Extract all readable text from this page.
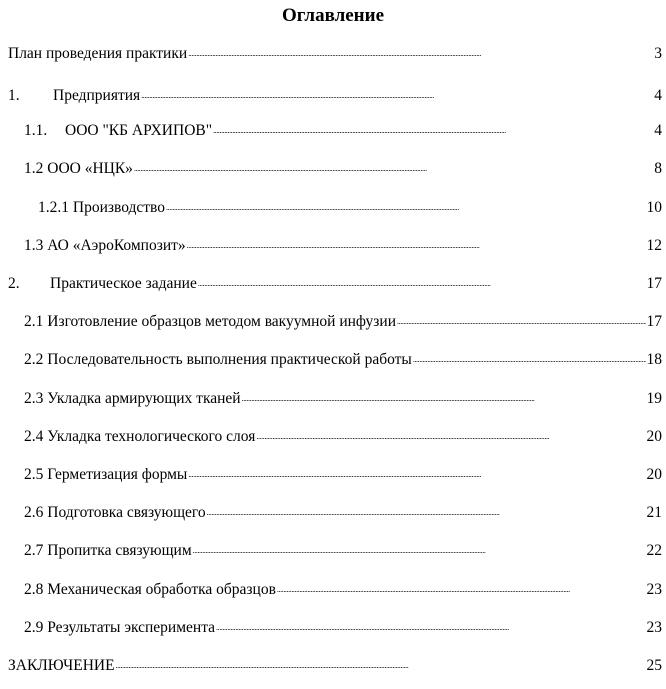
Оглавление
План проведения практики . . .	3
1.	Предприятия . . .	4
1.1.	ООО "КБ АРХИПОВ" . . .	4
1.2 ООО «НЦК» . . .	8
1.2.1 Производство . . .	10
1.3 АО «АэроКомпозит» . . .	12
2.	Практическое задание . . .	17
2.1 Изготовление образцов методом вакуумной инфузии . . .	17
2.2 Последовательность выполнения практической работы . . .	18
2.3 Укладка армирующих тканей . . .	19
2.4 Укладка технологического слоя . . .	20
2.5 Герметизация формы . . .	20
2.6 Подготовка связующего . . .	21
2.7 Пропитка связующим . . .	22
2.8 Механическая обработка образцов . . .	23
2.9 Результаты эксперимента . . .	23
ЗАКЛЮЧЕНИЕ . . .	25
